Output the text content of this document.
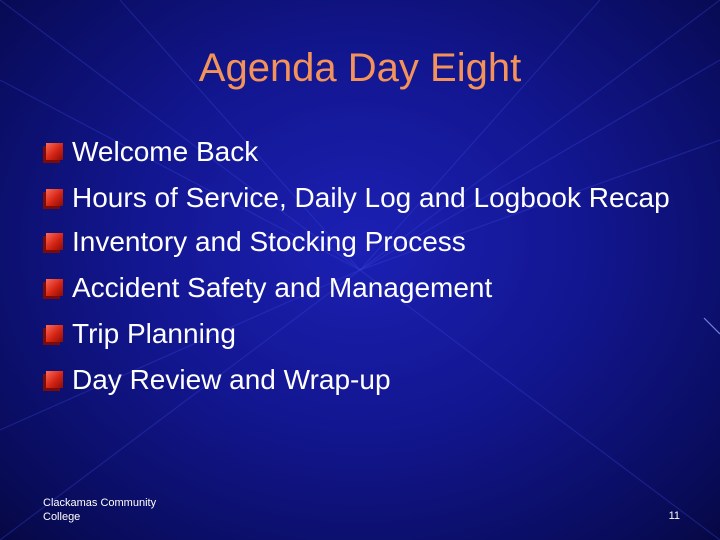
Agenda Day Eight
Welcome Back
Hours of Service, Daily Log and Logbook Recap
Inventory and Stocking Process
Accident Safety and Management
Trip Planning
Day Review and Wrap-up
Clackamas Community College	11
